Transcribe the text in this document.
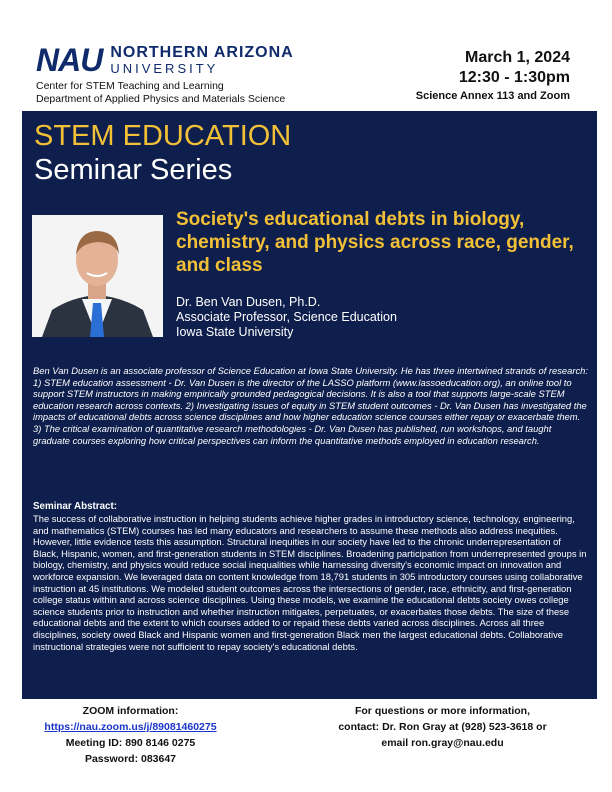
NAU NORTHERN ARIZONA
UNIVERSITY
Center for STEM Teaching and Learning
Department of Applied Physics and Materials Science
March 1, 2024
12:30 - 1:30pm
Science Annex 113 and Zoom
STEM EDUCATION
Seminar Series
Society's educational debts in biology, chemistry, and physics across race, gender, and class
Dr. Ben Van Dusen, Ph.D.
Associate Professor, Science Education
Iowa State University
Ben Van Dusen is an associate professor of Science Education at Iowa State University. He has three intertwined strands of research: 1) STEM education assessment - Dr. Van Dusen is the director of the LASSO platform (www.lassoeducation.org), an online tool to support STEM instructors in making empirically grounded pedagogical decisions. It is also a tool that supports large-scale STEM education research across contexts. 2) Investigating issues of equity in STEM student outcomes - Dr. Van Dusen has investigated the impacts of educational debts across science disciplines and how higher education science courses either repay or exacerbate them. 3) The critical examination of quantitative research methodologies - Dr. Van Dusen has published, run workshops, and taught graduate courses exploring how critical perspectives can inform the quantitative methods employed in education research.
Seminar Abstract:
The success of collaborative instruction in helping students achieve higher grades in introductory science, technology, engineering, and mathematics (STEM) courses has led many educators and researchers to assume these methods also address inequities. However, little evidence tests this assumption. Structural inequities in our society have led to the chronic underrepresentation of Black, Hispanic, women, and first-generation students in STEM disciplines. Broadening participation from underrepresented groups in biology, chemistry, and physics would reduce social inequalities while harnessing diversity's economic impact on innovation and workforce expansion. We leveraged data on content knowledge from 18,791 students in 305 introductory courses using collaborative instruction at 45 institutions. We modeled student outcomes across the intersections of gender, race, ethnicity, and first-generation college status within and across science disciplines. Using these models, we examine the educational debts society owes college science students prior to instruction and whether instruction mitigates, perpetuates, or exacerbates those debts. The size of these educational debts and the extent to which courses added to or repaid these debts varied across disciplines. Across all three disciplines, society owed Black and Hispanic women and first-generation Black men the largest educational debts. Collaborative instructional strategies were not sufficient to repay society's educational debts.
ZOOM information:
https://nau.zoom.us/j/89081460275
Meeting ID: 890 8146 0275
Password: 083647
For questions or more information,
contact: Dr. Ron Gray at (928) 523-3618 or
email ron.gray@nau.edu
